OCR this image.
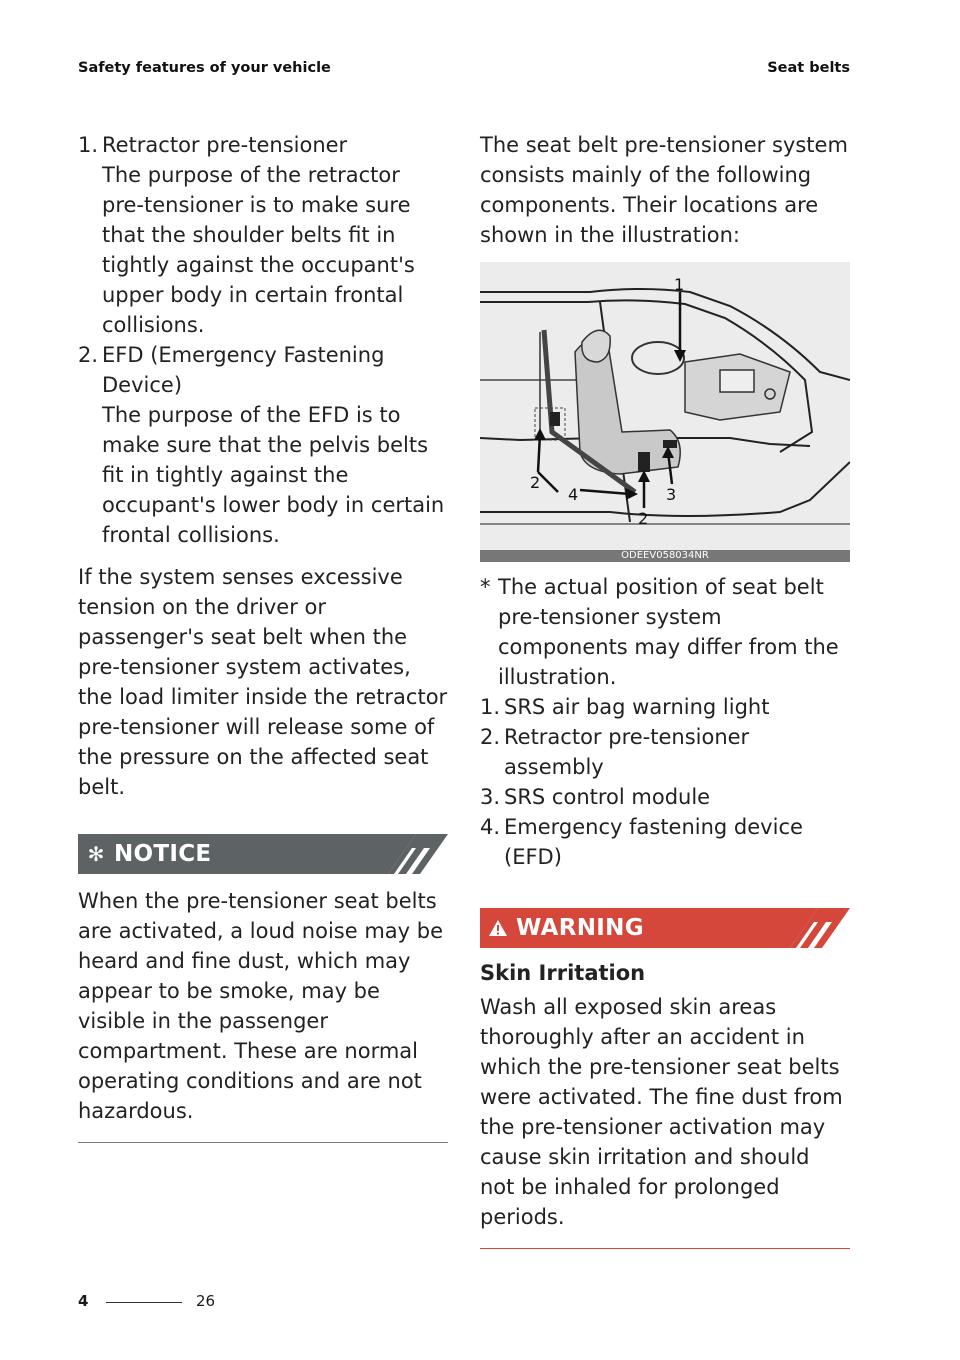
Safety features of your vehicle	Seat belts
1. Retractor pre-tensioner
The purpose of the retractor pre-tensioner is to make sure that the shoulder belts fit in tightly against the occupant's upper body in certain frontal collisions.
2. EFD (Emergency Fastening Device)
The purpose of the EFD is to make sure that the pelvis belts fit in tightly against the occupant's lower body in certain frontal collisions.

If the system senses excessive tension on the driver or passenger's seat belt when the pre-tensioner system activates, the load limiter inside the retractor pre-tensioner will release some of the pressure on the affected seat belt.

✻ NOTICE

When the pre-tensioner seat belts are activated, a loud noise may be heard and fine dust, which may appear to be smoke, may be visible in the passenger compartment. These are normal operating conditions and are not hazardous.

The seat belt pre-tensioner system consists mainly of the following components. Their locations are shown in the illustration:

1
2
4	3
2
ODEEV058034NR
* The actual position of seat belt pre-tensioner system components may differ from the illustration.
1. SRS air bag warning light
2. Retractor pre-tensioner assembly
3. SRS control module
4. Emergency fastening device (EFD)
WARNING
Skin Irritation

Wash all exposed skin areas thoroughly after an accident in which the pre-tensioner seat belts were activated. The fine dust from the pre-tensioner activation may cause skin irritation and should not be inhaled for prolonged periods.

4	26
